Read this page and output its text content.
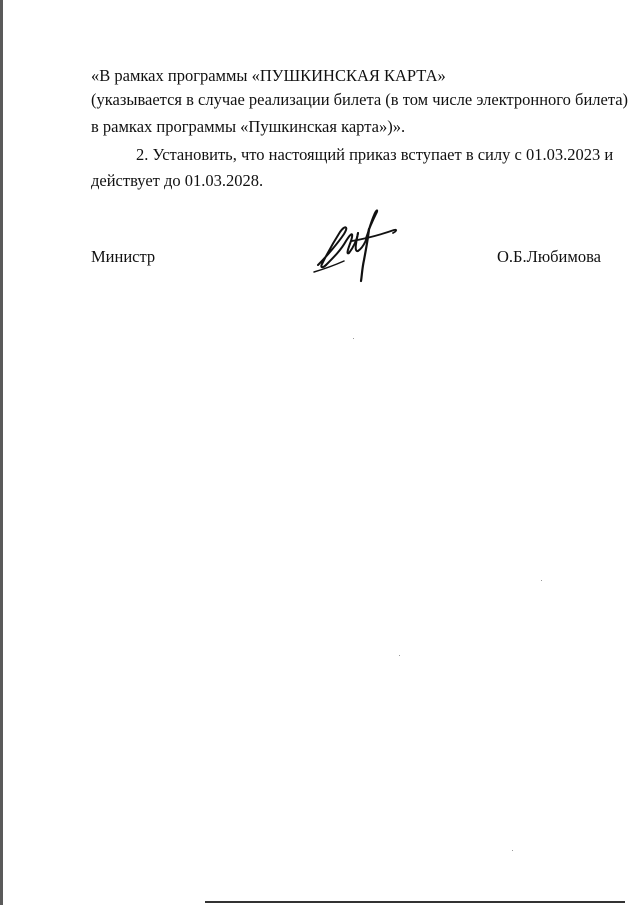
«В рамках программы «ПУШКИНСКАЯ КАРТА»
(указывается в случае реализации билета (в том числе электронного билета)
в рамках программы «Пушкинская карта»)».
2. Установить, что настоящий приказ вступает в силу с 01.03.2023 и
действует до 01.03.2028.
Министр	О.Б.Любимова
